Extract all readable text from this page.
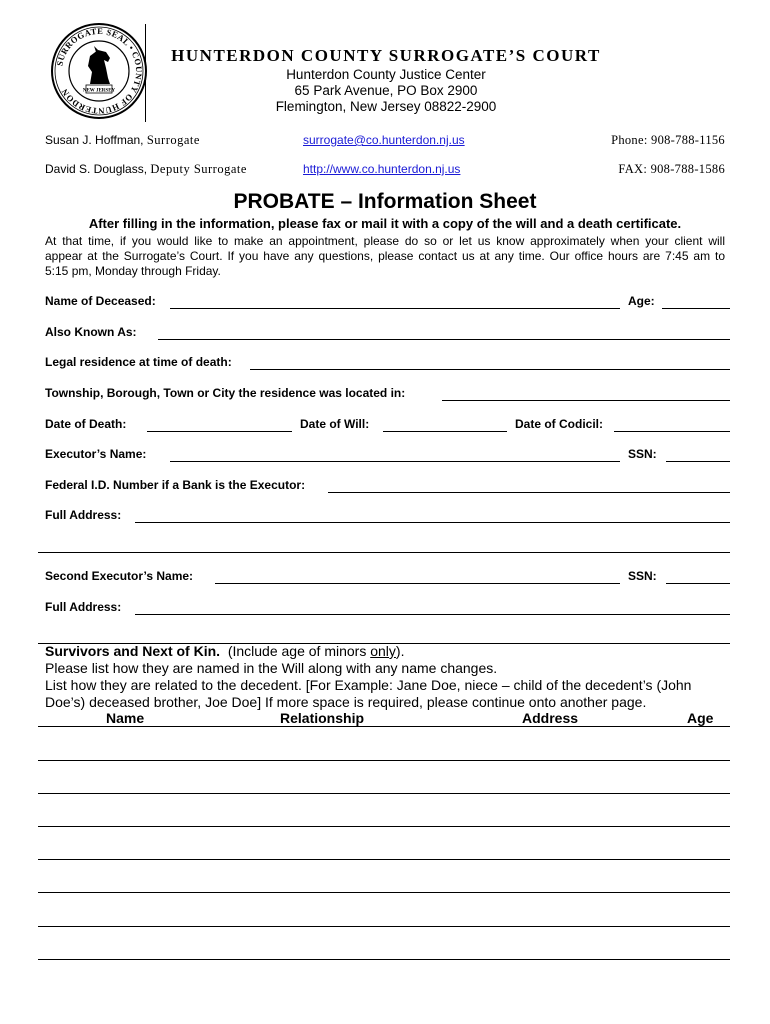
SURROGATE SEAL • COUNTY OF HUNTERDON	NEW JERSEY
HUNTERDON COUNTY SURROGATE’S COURT
Hunterdon County Justice Center
65 Park Avenue, PO Box 2900
Flemington, New Jersey 08822-2900
Susan J. Hoffman, Surrogate	surrogate@co.hunterdon.nj.us	Phone: 908-788-1156
David S. Douglass, Deputy Surrogate	http://www.co.hunterdon.nj.us	FAX: 908-788-1586
PROBATE – Information Sheet
After filling in the information, please fax or mail it with a copy of the will and a death certificate.
At that time, if you would like to make an appointment, please do so or let us know approximately when your client will
appear at the Surrogate’s Court. If you have any questions, please contact us at any time. Our office hours are 7:45 am to
5:15 pm, Monday through Friday.
Name of Deceased:	Age:
Also Known As:
Legal residence at time of death:
Township, Borough, Town or City the residence was located in:
Date of Death:	Date of Will:	Date of Codicil:
Executor’s Name:	SSN:
Federal I.D. Number if a Bank is the Executor:
Full Address:
Second Executor’s Name:	SSN:
Full Address:
Survivors and Next of Kin.  (Include age of minors only).
Please list how they are named in the Will along with any name changes.
List how they are related to the decedent. [For Example: Jane Doe, niece – child of the decedent’s (John
Doe’s) deceased brother, Joe Doe] If more space is required, please continue onto another page.
Name	Relationship	Address	Age
